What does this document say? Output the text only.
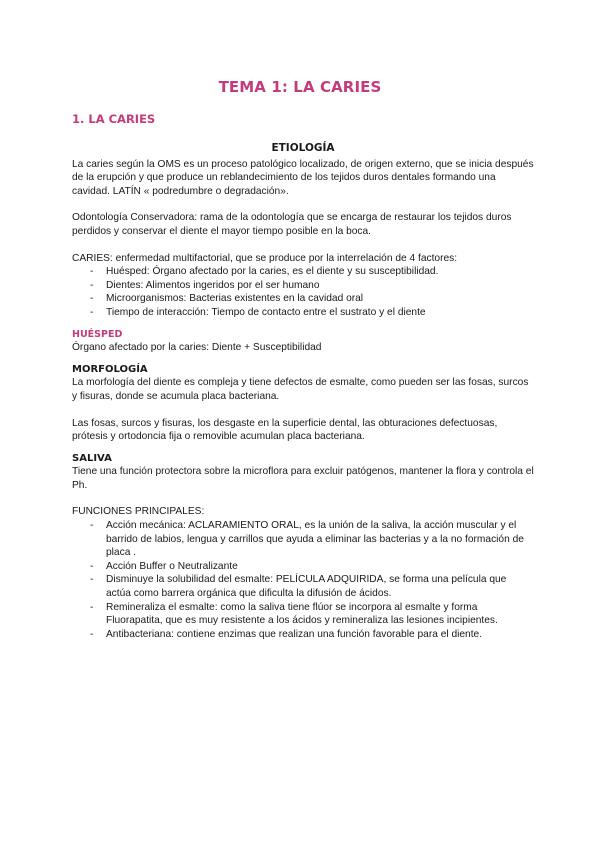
TEMA 1: LA CARIES
1. LA CARIES
ETIOLOGÍA

La caries según la OMS es un proceso patológico localizado, de origen externo, que se inicia después de la erupción y que produce un reblandecimiento de los tejidos duros dentales formando una cavidad. LATÍN « podredumbre o degradación».

Odontología Conservadora: rama de la odontología que se encarga de restaurar los tejidos duros perdidos y conservar el diente el mayor tiempo posible en la boca.

CARIES: enfermedad multifactorial, que se produce por la interrelación de 4 factores:

- Huésped: Órgano afectado por la caries, es el diente y su susceptibilidad.
- Dientes: Alimentos ingeridos por el ser humano
- Microorganismos: Bacterias existentes en la cavidad oral
- Tiempo de interacción: Tiempo de contacto entre el sustrato y el diente
HUÉSPED

Órgano afectado por la caries: Diente + Susceptibilidad

MORFOLOGÍA

La morfología del diente es compleja y tiene defectos de esmalte, como pueden ser las fosas, surcos y fisuras, donde se acumula placa bacteriana.

Las fosas, surcos y fisuras, los desgaste en la superficie dental, las obturaciones defectuosas, prótesis y ortodoncia fija o removible acumulan placa bacteriana.

SALIVA

Tiene una función protectora sobre la microflora para excluir patógenos, mantener la flora y controla el Ph.

FUNCIONES PRINCIPALES:

- Acción mecánica: ACLARAMIENTO ORAL, es la unión de la saliva, la acción muscular y el barrido de labios, lengua y carrillos que ayuda a eliminar las bacterias y a la no formación de placa .
- Acción Buffer o Neutralizante
- Disminuye la solubilidad del esmalte: PELÍCULA ADQUIRIDA, se forma una película que actúa como barrera orgánica que dificulta la difusión de ácidos.
- Remineraliza el esmalte: como la saliva tiene flúor se incorpora al esmalte y forma Fluorapatita, que es muy resistente a los ácidos y remineraliza las lesiones incipientes.
- Antibacteriana: contiene enzimas que realizan una función favorable para el diente.
